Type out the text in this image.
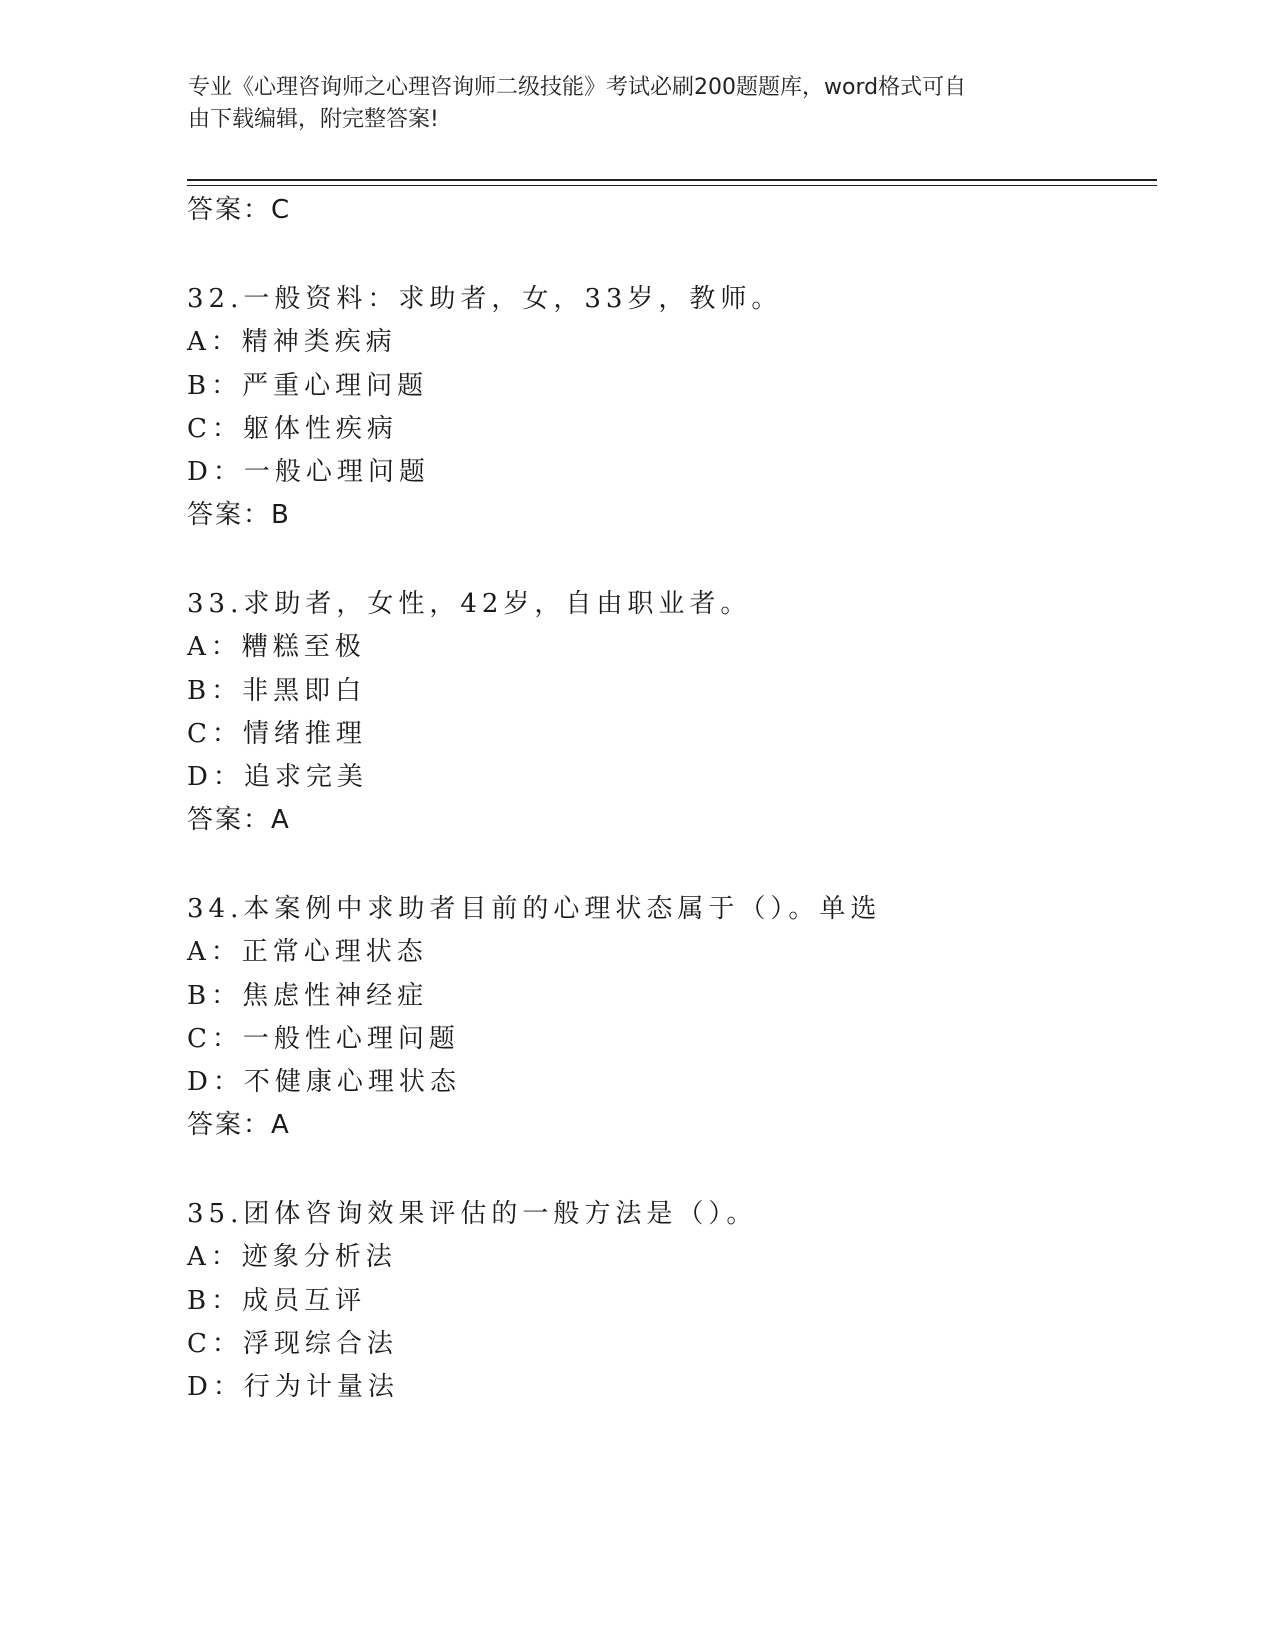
专业《心理咨询师之心理咨询师二级技能》考试必刷200题题库，word格式可自
由下载编辑，附完整答案!
答案：C
32.一般资料：求助者，女，33岁，教师。
A：精神类疾病
B：严重心理问题
C：躯体性疾病
D：一般心理问题
答案：B
33.求助者，女性，42岁，自由职业者。
A：糟糕至极
B：非黑即白
C：情绪推理
D：追求完美
答案：A
34.本案例中求助者目前的心理状态属于（）。单选
A：正常心理状态
B：焦虑性神经症
C：一般性心理问题
D：不健康心理状态
答案：A
35.团体咨询效果评估的一般方法是（）。
A：迹象分析法
B：成员互评
C：浮现综合法
D：行为计量法
